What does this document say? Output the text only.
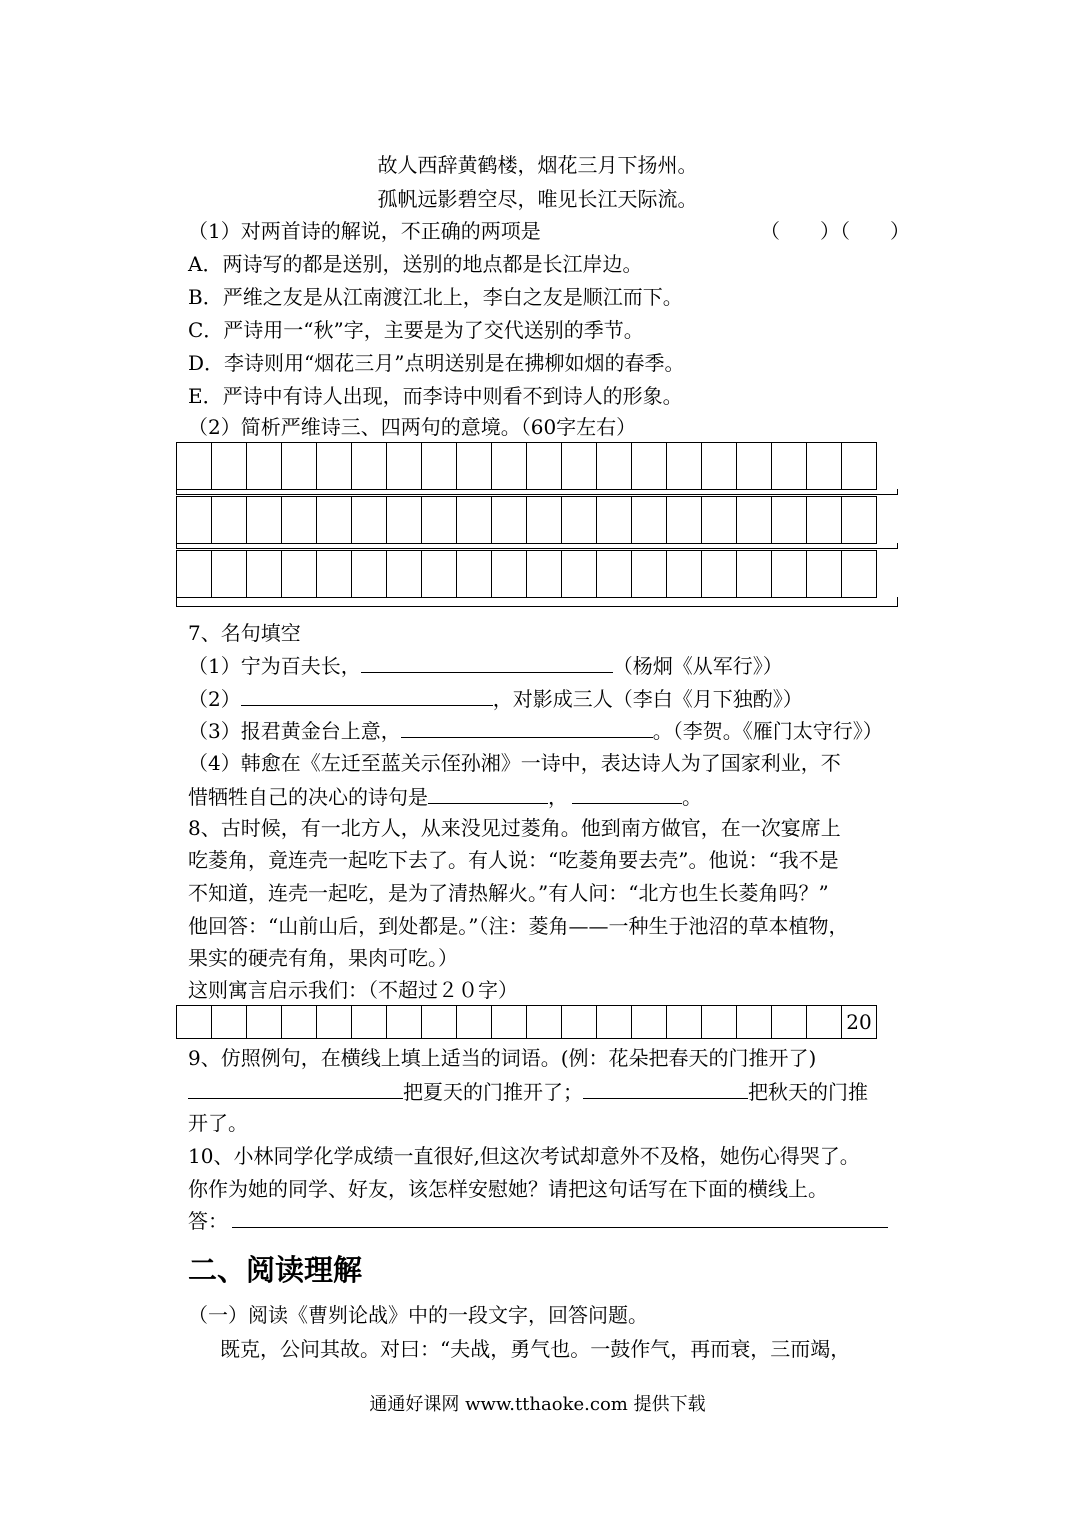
故人西辞黄鹤楼，烟花三月下扬州。
孤帆远影碧空尽，唯见长江天际流。
（1）对两首诗的解说，不正确的两项是	（　　）（　　）
A．两诗写的都是送别，送别的地点都是长江岸边。
B．严维之友是从江南渡江北上，李白之友是顺江而下。
C．严诗用一“秋”字，主要是为了交代送别的季节。
D．李诗则用“烟花三月”点明送别是在拂柳如烟的春季。
E．严诗中有诗人出现，而李诗中则看不到诗人的形象。
（2）简析严维诗三、四两句的意境。（60字左右）

7、名句填空
（1）宁为百夫长，	（杨炯《从军行》）
（2）	，对影成三人（李白《月下独酌》）
（3）报君黄金台上意，	。（李贺。《雁门太守行》）
（4）韩愈在《左迁至蓝关示侄孙湘》一诗中，表达诗人为了国家利业，不
惜牺牲自己的决心的诗句是	，	。
8、古时候，有一北方人，从来没见过菱角。他到南方做官，在一次宴席上
吃菱角，竟连壳一起吃下去了。有人说：“吃菱角要去壳”。他说：“我不是
不知道，连壳一起吃，是为了清热解火。”有人问：“北方也生长菱角吗？”
他回答：“山前山后，到处都是。”（注：菱角——一种生于池沼的草本植物，
果实的硬壳有角，果肉可吃。）
这则寓言启示我们：（不超过２０字）
																			20
9、仿照例句，在横线上填上适当的词语。(例：花朵把春天的门推开了)
把夏天的门推开了；	把秋天的门推
开了。
10、小林同学化学成绩一直很好,但这次考试却意外不及格，她伤心得哭了。
你作为她的同学、好友，该怎样安慰她？请把这句话写在下面的横线上。
答：
二、阅读理解
（一）阅读《曹刿论战》中的一段文字，回答问题。
既克，公问其故。对曰：“夫战，勇气也。一鼓作气，再而衰，三而竭，
通通好课网 www.tthaoke.com 提供下载
